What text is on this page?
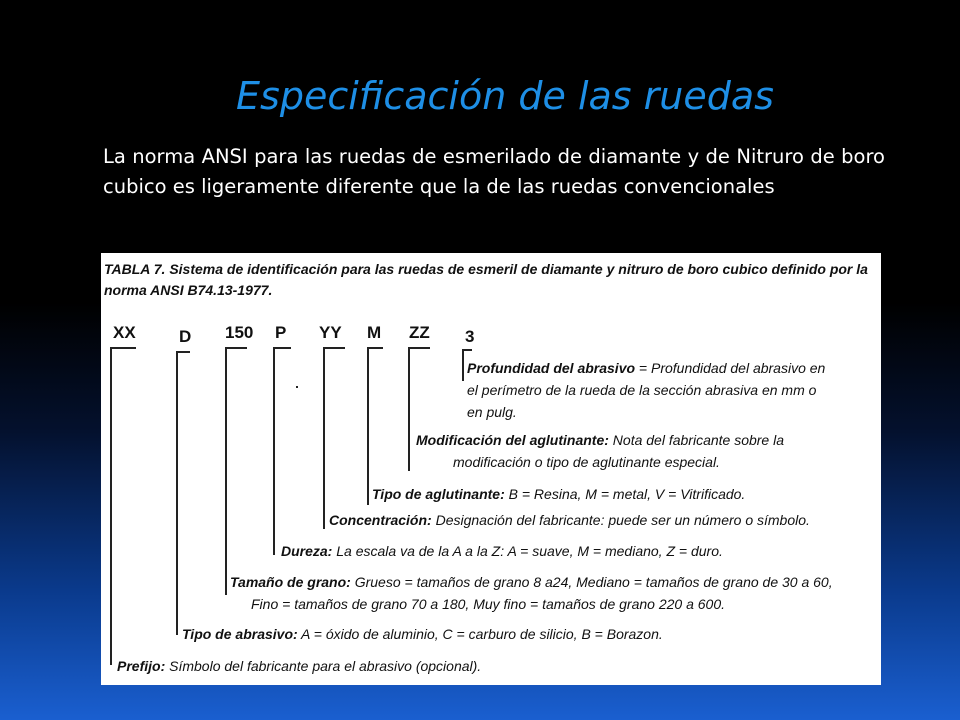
Especificación de las ruedas
La norma ANSI para las ruedas de esmerilado de diamante y de Nitruro de boro cubico es ligeramente diferente que la de las ruedas convencionales
TABLA 7. Sistema de identificación para las ruedas de esmeril de diamante y nitruro de boro cubico definido por la norma ANSI B74.13-1977.
XX	D 150 P YY M ZZ 3
Profundidad del abrasivo = Profundidad del abrasivo en
el perímetro de la rueda de la sección abrasiva en mm o
en pulg.
Modificación del aglutinante: Nota del fabricante sobre la
modificación o tipo de aglutinante especial.
Tipo de aglutinante: B = Resina, M = metal, V = Vitrificado.
Concentración: Designación del fabricante: puede ser un número o símbolo.
Dureza: La escala va de la A a la Z: A = suave, M = mediano, Z = duro.
Tamaño de grano: Grueso = tamaños de grano 8 a24, Mediano = tamaños de grano de 30 a 60,
Fino = tamaños de grano 70 a 180, Muy fino = tamaños de grano 220 a 600.
Tipo de abrasivo: A = óxido de aluminio, C = carburo de silicio, B = Borazon.
Prefijo: Símbolo del fabricante para el abrasivo (opcional).
